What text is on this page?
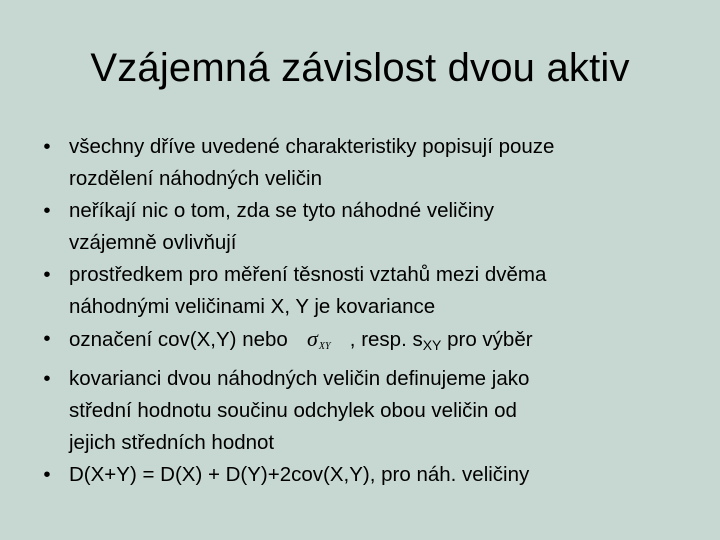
Vzájemná závislost dvou aktiv
• všechny dříve uvedené charakteristiky popisují pouze
rozdělení náhodných veličin
• neříkají nic o tom, zda se tyto náhodné veličiny
vzájemně ovlivňují
• prostředkem pro měření těsnosti vztahů mezi dvěma
náhodnými veličinami X, Y je kovariance
• označení cov(X,Y) nebo $\sigma_{XY}$ , resp. sXY pro výběr
• kovarianci dvou náhodných veličin definujeme jako
střední hodnotu součinu odchylek obou veličin od
jejich středních hodnot
• D(X+Y) = D(X) + D(Y)+2cov(X,Y), pro náh. veličiny
